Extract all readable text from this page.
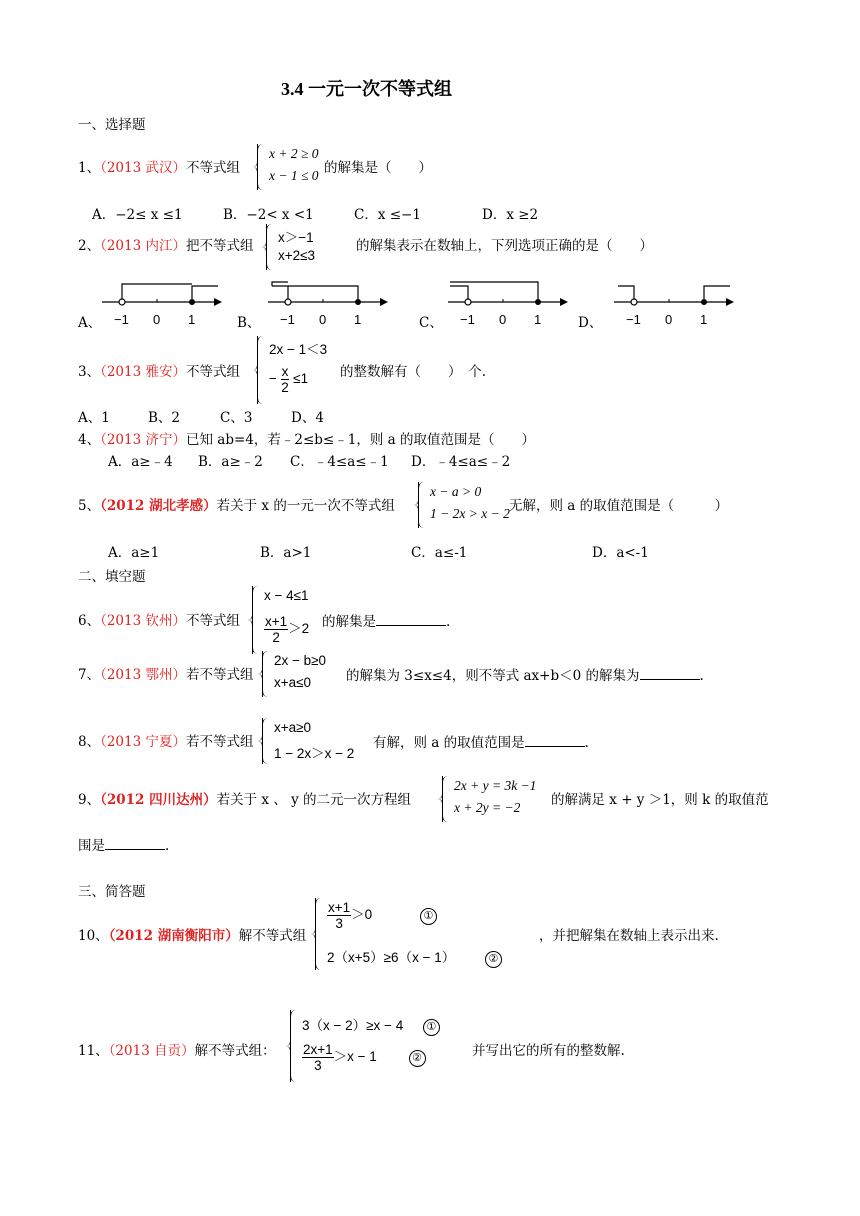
3.4 一元一次不等式组
一、选择题
1、（2013 武汉）不等式组
x + 2 ≥ 0
x − 1 ≤ 0 的解集是（　　）
A．−2≤ x ≤1	B．−2< x <1	C．x ≤−1	D．x ≥2
2、（2013 内江）把不等式组
x＞−1
x+2≤3
的解集表示在数轴上，下列选项正确的是（　　）
A、 −1 0 1	B、 −1 0 1	C、 −1 0 1	D、 −1 0 1
3、（2013 雅安）不等式组
2x − 1＜3
− $\frac{x}{2} \le 1$ 的整数解有（　　）　个.
A、1	B、2	C、3	D、4
4、（2013 济宁）已知 ab=4，若﹣2≤b≤﹣1，则 a 的取值范围是（　　）
A．a≥﹣4 B．a≥﹣2 C．﹣4≤a≤﹣1 D．﹣4≤a≤﹣2
5、（2012 湖北孝感）若关于 x 的一元一次不等式组
x − a > 0
1 − 2x > x − 2 无解，则 a 的取值范围是（　　　）
A．a≥1	B．a>1	C．a≤-1	D．a<-1
二、填空题
6、（2013 钦州）不等式组
x − 4≤1
$\frac{x+1}{2} >2$ 的解集是	.
7、（2013 鄂州）若不等式组
2x − b≥0
x+a≤0	的解集为 3≤x≤4，则不等式 ax+b＜0 的解集为	.
8、（2013 宁夏）若不等式组
x+a≥0
1 − 2x＞x − 2
有解，则 a 的取值范围是	.
9、（2012 四川达州）若关于 x 、 y 的二元一次方程组
2x + y = 3k −1
x + 2y = −2 的解满足 x + y ＞1，则 k 的取值范
围是	.
三、简答题
10、（2012 湖南衡阳市）解不等式组
$\frac{x+1}{3} >0$	①
2（x+5）≥6（x − 1）	②
，并把解集在数轴上表示出来.
11、（2013 自贡）解不等式组：
3（x − 2）≥x − 4 ①
$\frac{2x+1}{3} >x - 1$	②	并写出它的所有的整数解.
